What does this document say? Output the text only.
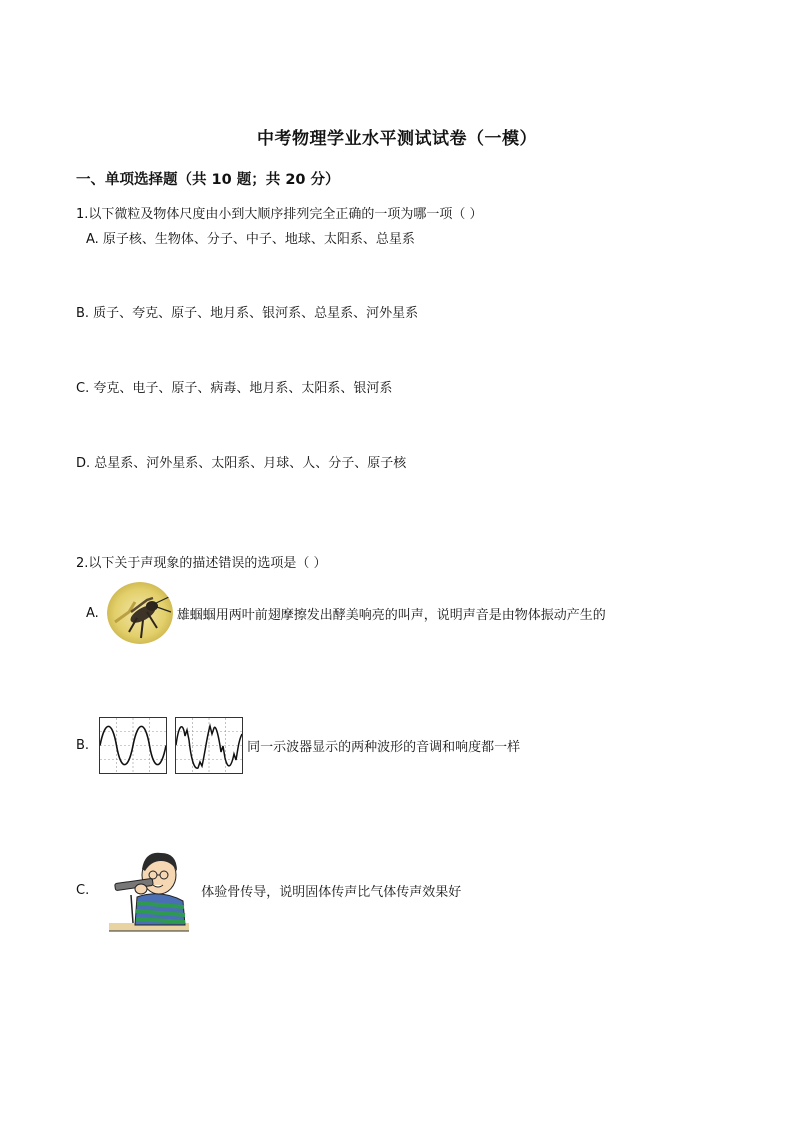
中考物理学业水平测试试卷（一模）
一、单项选择题（共 10 题；共 20 分）
1.以下微粒及物体尺度由小到大顺序排列完全正确的一项为哪一项（ ）
A. 原子核、生物体、分子、中子、地球、太阳系、总星系
B. 质子、夸克、原子、地月系、银河系、总星系、河外星系
C. 夸克、电子、原子、病毒、地月系、太阳系、银河系
D. 总星系、河外星系、太阳系、月球、人、分子、原子核
2.以下关于声现象的描述错误的选项是（ ）
A.	雄蝈蝈用两叶前翅摩擦发出酵美响亮的叫声，说明声音是由物体振动产生的
B.	同一示波器显示的两种波形的音调和响度都一样
C.	体验骨传导，说明固体传声比气体传声效果好
